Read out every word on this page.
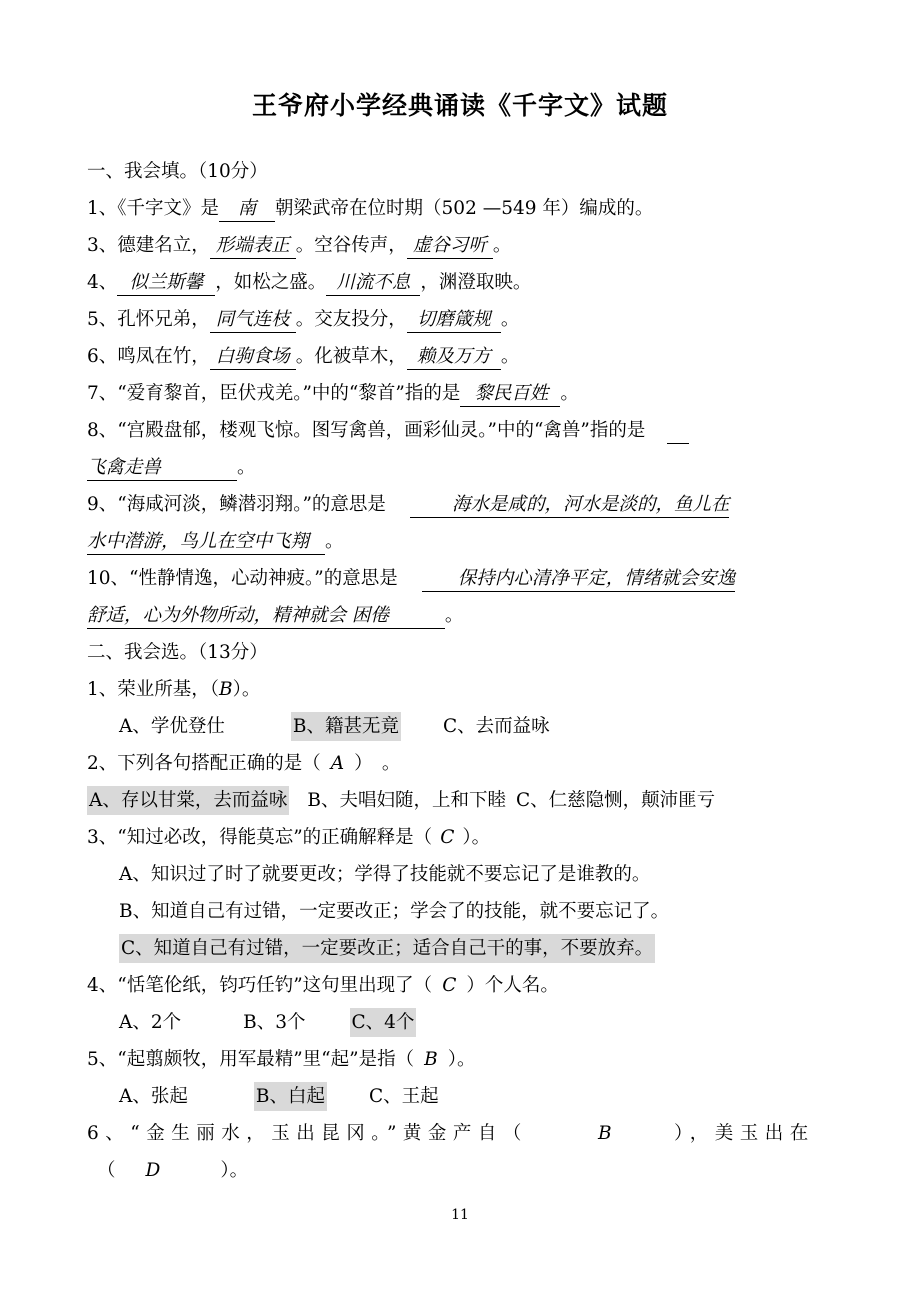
王爷府小学经典诵读《千字文》试题
一、我会填。（10分）
1、《千字文》是 南 朝梁武帝在位时期（502 —549 年）编成的。
3、德建名立， 形端表正 。空谷传声， 虚谷习听 。
4、 似兰斯馨 ，如松之盛。 川流不息 ，渊澄取映。
5、孔怀兄弟， 同气连枝 。交友投分， 切磨箴规 。
6、鸣凤在竹， 白驹食场 。化被草木， 赖及万方 。
7、“爱育黎首，臣伏戎羌。”中的“黎首”指的是 黎民百姓 。
8、“宫殿盘郁，楼观飞惊。图写禽兽，画彩仙灵。”中的“禽兽”指的是
飞禽走兽	。
9、“海咸河淡，鳞潜羽翔。”的意思是	海水是咸的，河水是淡的，鱼儿在
水中潜游，鸟儿在空中飞翔 。
10、“性静情逸，心动神疲。”的意思是	保持内心清净平定，情绪就会安逸
舒适，心为外物所动，精神就会 困倦	。
二、我会选。（13分）
1、荣业所基，（B）。
A、学优登仕	B、籍甚无竟 C、去而益咏
2、下列各句搭配正确的是（ A ）　。
A、存以甘棠，去而益咏 B、夫唱妇随，上和下睦 C、仁慈隐恻，颠沛匪亏
3、“知过必改，得能莫忘”的正确解释是（ C ）。
A、知识过了时了就要更改；学得了技能就不要忘记了是谁教的。
B、知道自己有过错，一定要改正；学会了的技能，就不要忘记了。
C、知道自己有过错，一定要改正；适合自己干的事，不要放弃。
4、“恬笔伦纸，钧巧任钓”这句里出现了（ C ）个人名。
A、2个	B、3个 C、4个
5、“起翦颇牧，用军最精”里“起”是指（ B ）。
A、张起	B、白起 C、王起
6、“金生丽水，玉出昆冈。”黄金产自（	B	），美玉出在
（ D	）。
11
